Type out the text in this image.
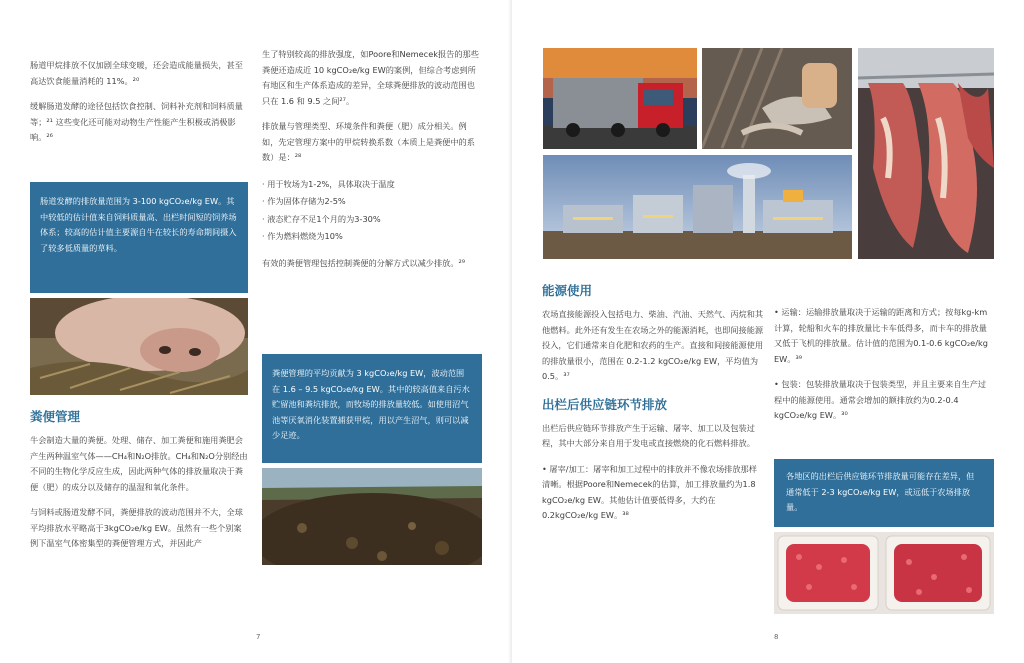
肠道甲烷排放不仅加剧全球变暖，还会造成能量损失，甚至高达饮食能量消耗的 11%。²⁰

缓解肠道发酵的途径包括饮食控制、饲料补充剂和饲料质量等；²¹ 这些变化还可能对动物生产性能产生积极或消极影响。²⁶

肠道发酵的排放量范围为 3-100 kgCO₂e/kg EW。其中较低的估计值来自饲料质量高、出栏时间短的饲养场体系；较高的估计值主要源自牛在较长的寿命期间摄入了较多低质量的草料。
粪便管理

牛会制造大量的粪便。处理、储存、加工粪便和施用粪肥会产生两种温室气体——CH₄和N₂O排放。CH₄和N₂O分别经由不同的生物化学反应生成，因此两种气体的排放量取决于粪便（肥）的成分以及储存的温湿和氧化条件。

与饲料或肠道发酵不同，粪便排放的波动范围并不大，全球平均排放水平略高于3kgCO₂e/kg EW。虽然有一些个别案例下温室气体密集型的粪便管理方式，并因此产

生了特别较高的排放强度，如Poore和Nemecek报告的那些粪便还造成近 10 kgCO₂e/kg EW的案例，但综合考虑到所有地区和生产体系造成的差异，全球粪便排放的波动范围也只在 1.6 和 9.5 之间²⁷。

排放量与管理类型、环境条件和粪便（肥）成分相关。例如，先定管理方案中的甲烷转换系数（本质上是粪便中的系数）是：²⁸

· 用于牧场为1-2%，具体取决于温度
· 作为固体存储为2-5%
· 液态贮存不足1个月的为3-30%
· 作为燃料燃烧为10%

有效的粪便管理包括控制粪便的分解方式以减少排放。²⁹

粪便管理的平均贡献为 3 kgCO₂e/kg EW，波动范围在 1.6 – 9.5 kgCO₂e/kg EW。其中的较高值来自污水贮留池和粪坑排放，而牧场的排放量较低。如使用沼气池等厌氧消化装置捕获甲烷，用以产生沼气，则可以减少足迹。
7
能源使用

农场直接能源投入包括电力、柴油、汽油、天然气、丙烷和其他燃料。此外还有发生在农场之外的能源消耗，也即间接能源投入，它们通常来自化肥和农药的生产。直接和间接能源使用的排放量很小，范围在 0.2-1.2 kgCO₂e/kg EW，平均值为0.5。³⁷

出栏后供应链环节排放

出栏后供应链环节排放产生于运输、屠宰、加工以及包装过程，其中大部分来自用于发电或直接燃烧的化石燃料排放。

• 屠宰/加工：屠宰和加工过程中的排放并不像农场排放那样清晰。根据Poore和Nemecek的估算，加工排放量约为1.8 kgCO₂e/kg EW。其他估计值要低得多，大约在0.2kgCO₂e/kg EW。³⁸

• 运输：运输排放量取决于运输的距离和方式；按每kg-km计算，轮船和火车的排放量比卡车低得多，而卡车的排放量又低于飞机的排放量。估计值的范围为0.1-0.6 kgCO₂e/kg EW。³⁹

• 包装：包装排放量取决于包装类型，并且主要来自生产过程中的能源使用。通常会增加的额排放约为0.2-0.4 kgCO₂e/kg EW。³⁰

各地区的出栏后供应链环节排放量可能存在差异，但通常低于 2-3 kgCO₂e/kg EW，或远低于农场排放量。
8
